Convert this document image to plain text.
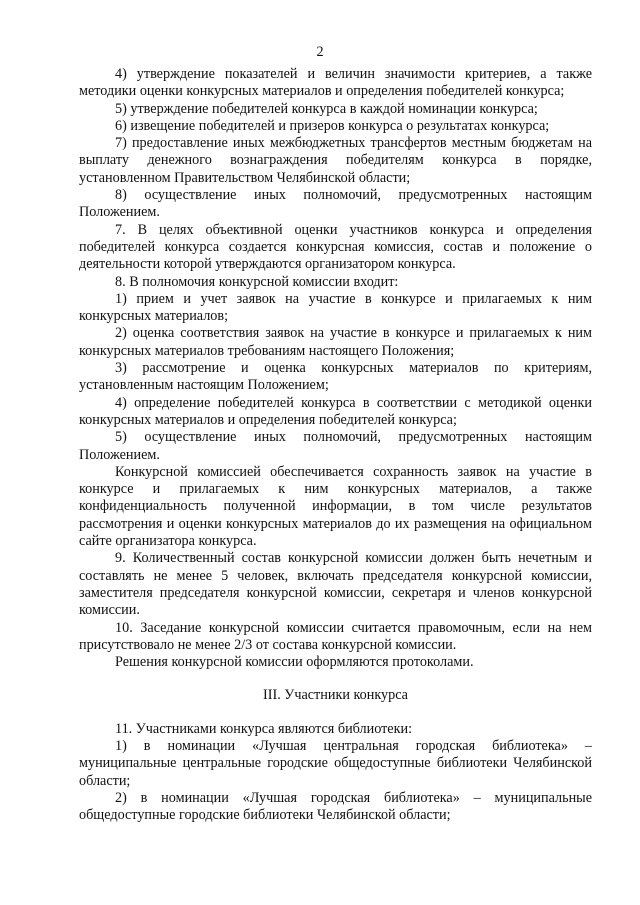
2

4) утверждение показателей и величин значимости критериев, а также методики оценки конкурсных материалов и определения победителей конкурса;

5) утверждение победителей конкурса в каждой номинации конкурса;

6) извещение победителей и призеров конкурса о результатах конкурса;

7) предоставление иных межбюджетных трансфертов местным бюджетам на выплату денежного вознаграждения победителям конкурса в порядке, установленном Правительством Челябинской области;

8) осуществление иных полномочий, предусмотренных настоящим Положением.

7. В целях объективной оценки участников конкурса и определения победителей конкурса создается конкурсная комиссия, состав и положение о деятельности которой утверждаются организатором конкурса.

8. В полномочия конкурсной комиссии входит:

1) прием и учет заявок на участие в конкурсе и прилагаемых к ним конкурсных материалов;

2) оценка соответствия заявок на участие в конкурсе и прилагаемых к ним конкурсных материалов требованиям настоящего Положения;

3) рассмотрение и оценка конкурсных материалов по критериям, установленным настоящим Положением;

4) определение победителей конкурса в соответствии с методикой оценки конкурсных материалов и определения победителей конкурса;

5) осуществление иных полномочий, предусмотренных настоящим Положением.

Конкурсной комиссией обеспечивается сохранность заявок на участие в конкурсе и прилагаемых к ним конкурсных материалов, а также конфиденциальность полученной информации, в том числе результатов рассмотрения и оценки конкурсных материалов до их размещения на официальном сайте организатора конкурса.

9. Количественный состав конкурсной комиссии должен быть нечетным и составлять не менее 5 человек, включать председателя конкурсной комиссии, заместителя председателя конкурсной комиссии, секретаря и членов конкурсной комиссии.

10. Заседание конкурсной комиссии считается правомочным, если на нем присутствовало не менее 2/3 от состава конкурсной комиссии.

Решения конкурсной комиссии оформляются протоколами.

III. Участники конкурса

11. Участниками конкурса являются библиотеки:

1) в номинации «Лучшая центральная городская библиотека» – муниципальные центральные городские общедоступные библиотеки Челябинской области;

2) в номинации «Лучшая городская библиотека» – муниципальные общедоступные городские библиотеки Челябинской области;
